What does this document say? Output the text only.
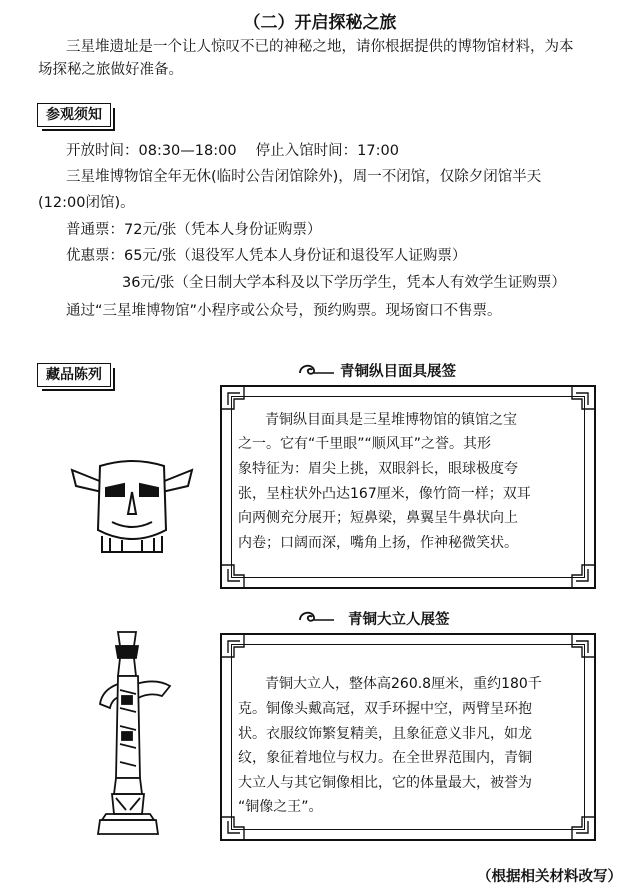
（二）开启探秘之旅
三星堆遗址是一个让人惊叹不已的神秘之地，请你根据提供的博物馆材料，为本
场探秘之旅做好准备。
参观须知
开放时间：08:30—18:00　 停止入馆时间：17:00
三星堆博物馆全年无休(临时公告闭馆除外)，周一不闭馆，仅除夕闭馆半天
(12:00闭馆)。
普通票：72元/张（凭本人身份证购票）
优惠票：65元/张（退役军人凭本人身份证和退役军人证购票）
36元/张（全日制大学本科及以下学历学生，凭本人有效学生证购票）
通过“三星堆博物馆”小程序或公众号，预约购票。现场窗口不售票。
藏品陈列	青铜纵目面具展签
青铜纵目面具是三星堆博物馆的镇馆之宝
之一。它有“千里眼”“顺风耳”之誉。其形
象特征为：眉尖上挑，双眼斜长，眼球极度夸
张，呈柱状外凸达167厘米，像竹筒一样；双耳
向两侧充分展开；短鼻梁，鼻翼呈牛鼻状向上
内卷；口阔而深，嘴角上扬，作神秘微笑状。
青铜大立人展签
青铜大立人，整体高260.8厘米，重约180千
克。铜像头戴高冠，双手环握中空，两臂呈环抱
状。衣服纹饰繁复精美，且象征意义非凡，如龙
纹，象征着地位与权力。在全世界范围内，青铜
大立人与其它铜像相比，它的体量最大，被誉为
“铜像之王”。
（根据相关材料改写）
